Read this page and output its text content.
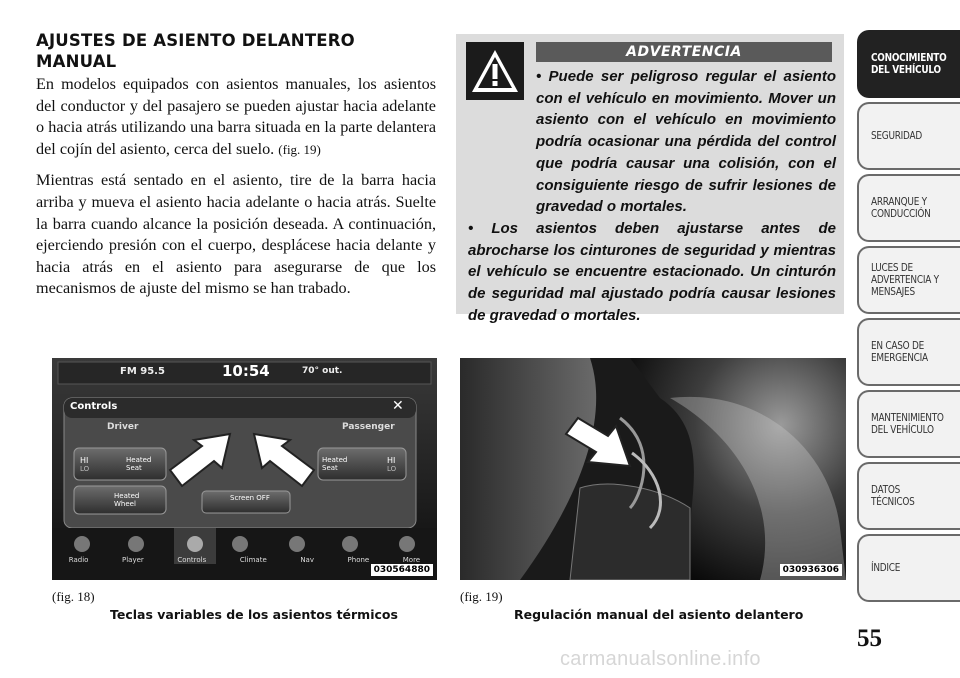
AJUSTES DE ASIENTO DELANTERO
MANUAL

En modelos equipados con asientos manuales, los asientos del conductor y del pasajero se pueden ajustar hacia adelante o hacia atrás utilizando una barra situada en la parte delantera del cojín del asiento, cerca del suelo. (fig. 19)

Mientras está sentado en el asiento, tire de la barra hacia arriba y mueva el asiento hacia adelante o hacia atrás. Suelte la barra cuando alcance la posición deseada. A continuación, ejerciendo presión con el cuerpo, desplácese hacia delante y hacia atrás en el asiento para asegurarse de que los mecanismos de ajuste del mismo se han trabado.

ADVERTENCIA

• Puede ser peligroso regular el asiento con el vehículo en movimiento. Mover un asiento con el vehículo en movimiento podría ocasionar una pérdida del control que podría causar una colisión, con el consiguiente riesgo de sufrir lesiones de gravedad o mortales.

• Los asientos deben ajustarse antes de abrocharse los cinturones de seguridad y mientras el vehículo se encuentre estacionado. Un cinturón de seguridad mal ajustado podría causar lesiones de gravedad o mortales.

FM 95.5	10:54	70° out.
Controls	✕
Driver	Passenger
HI
LO
Heated Seat
Heated Seat
HI
LO
Heated Wheel
Screen OFF
Radio	Player	Controls	Climate	Nav	Phone	More
030564880	030936306
(fig. 18)
Teclas variables de los asientos térmicos
(fig. 19)
Regulación manual del asiento delantero
CONOCIMIENTO
DEL VEHÍCULO
SEGURIDAD
ARRANQUE Y
CONDUCCIÓN
LUCES DE
ADVERTENCIA Y
MENSAJES
EN CASO DE
EMERGENCIA
MANTENIMIENTO
DEL VEHÍCULO
DATOS
TÉCNICOS
ÍNDICE
55
carmanualsonline.info
